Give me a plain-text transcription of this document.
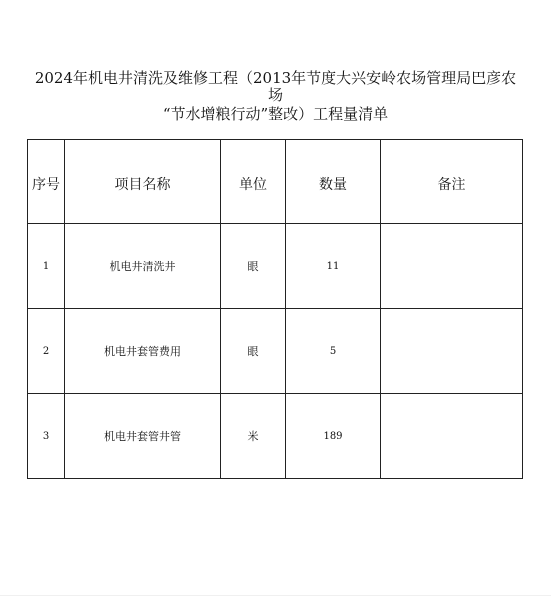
2024年机电井清洗及维修工程（2013年节度大兴安岭农场管理局巴彦农
场
“节水增粮行动”整改）工程量清单
序号	项目名称	单位	数量	备注
1	机电井清洗井	眼	11	
2	机电井套管费用	眼	5	
3	机电井套管井管	米	189	
